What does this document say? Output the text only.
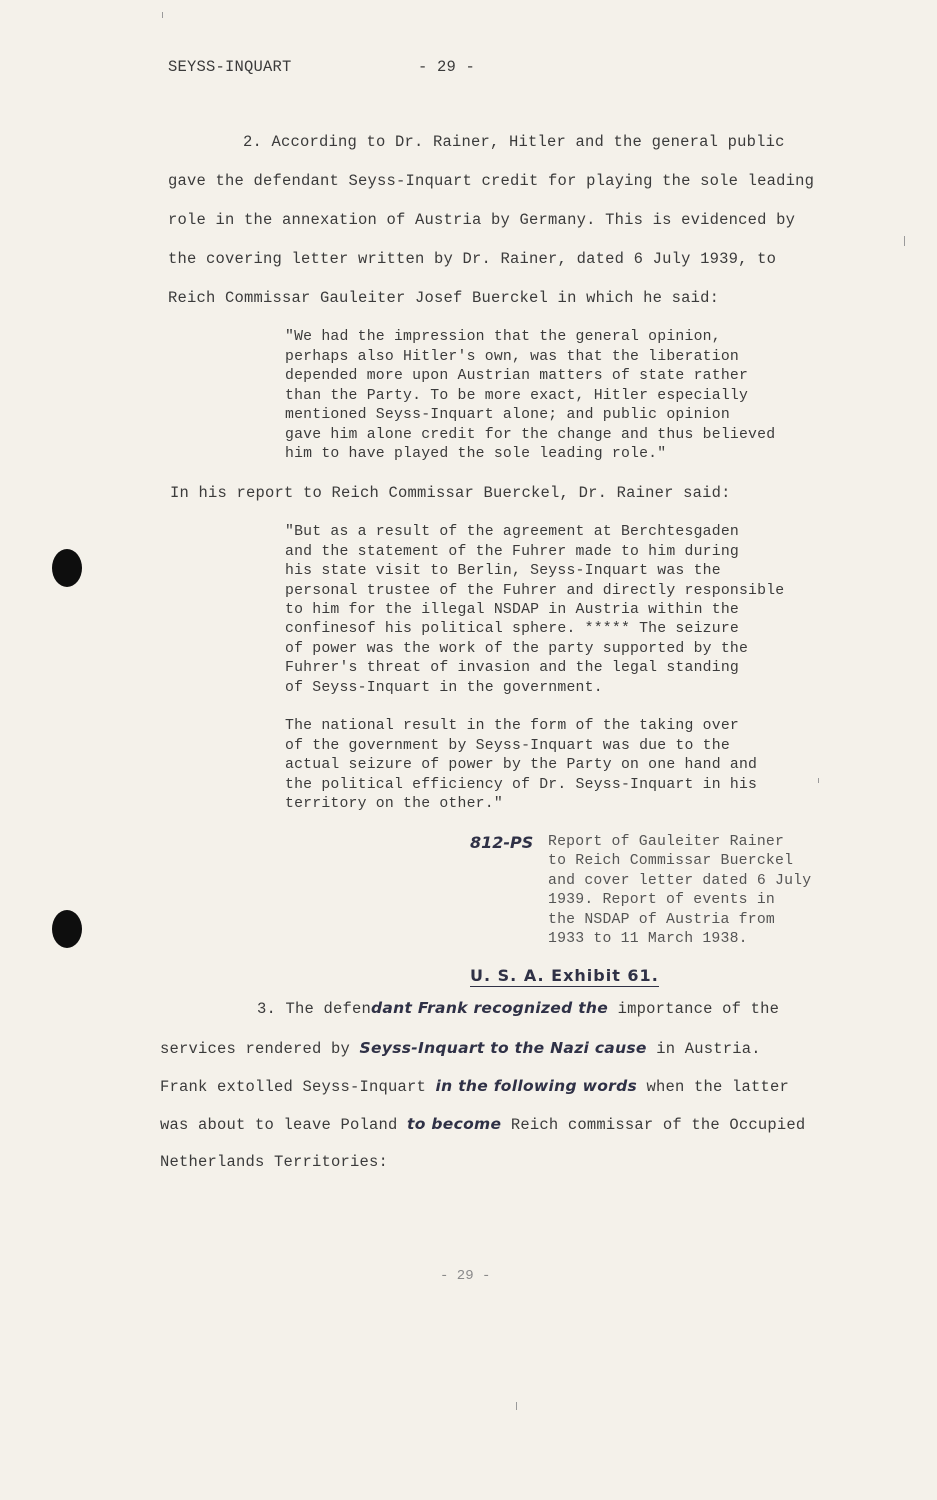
SEYSS-INQUART	- 29 -
2. According to Dr. Rainer, Hitler and the general public
gave the defendant Seyss-Inquart credit for playing the sole leading
role in the annexation of Austria by Germany. This is evidenced by
the covering letter written by Dr. Rainer, dated 6 July 1939, to
Reich Commissar Gauleiter Josef Buerckel in which he said:
"We had the impression that the general opinion,
perhaps also Hitler's own, was that the liberation
depended more upon Austrian matters of state rather
than the Party. To be more exact, Hitler especially
mentioned Seyss-Inquart alone; and public opinion
gave him alone credit for the change and thus believed
him to have played the sole leading role."
In his report to Reich Commissar Buerckel, Dr. Rainer said:
"But as a result of the agreement at Berchtesgaden
and the statement of the Fuhrer made to him during
his state visit to Berlin, Seyss-Inquart was the
personal trustee of the Fuhrer and directly responsible
to him for the illegal NSDAP in Austria within the
confinesof his political sphere. ***** The seizure
of power was the work of the party supported by the
Fuhrer's threat of invasion and the legal standing
of Seyss-Inquart in the government.
The national result in the form of the taking over
of the government by Seyss-Inquart was due to the
actual seizure of power by the Party on one hand and
the political efficiency of Dr. Seyss-Inquart in his
territory on the other."
812-PS Report of Gauleiter Rainer
to Reich Commissar Buerckel
and cover letter dated 6 July
1939. Report of events in
the NSDAP of Austria from
1933 to 11 March 1938.
U. S. A. Exhibit 61.
3. The defendant Frank recognized the importance of the
services rendered by Seyss-Inquart to the Nazi cause in Austria.
Frank extolled Seyss-Inquart in the following words when the latter
was about to leave Poland to become Reich commissar of the Occupied
Netherlands Territories:
- 29 -
